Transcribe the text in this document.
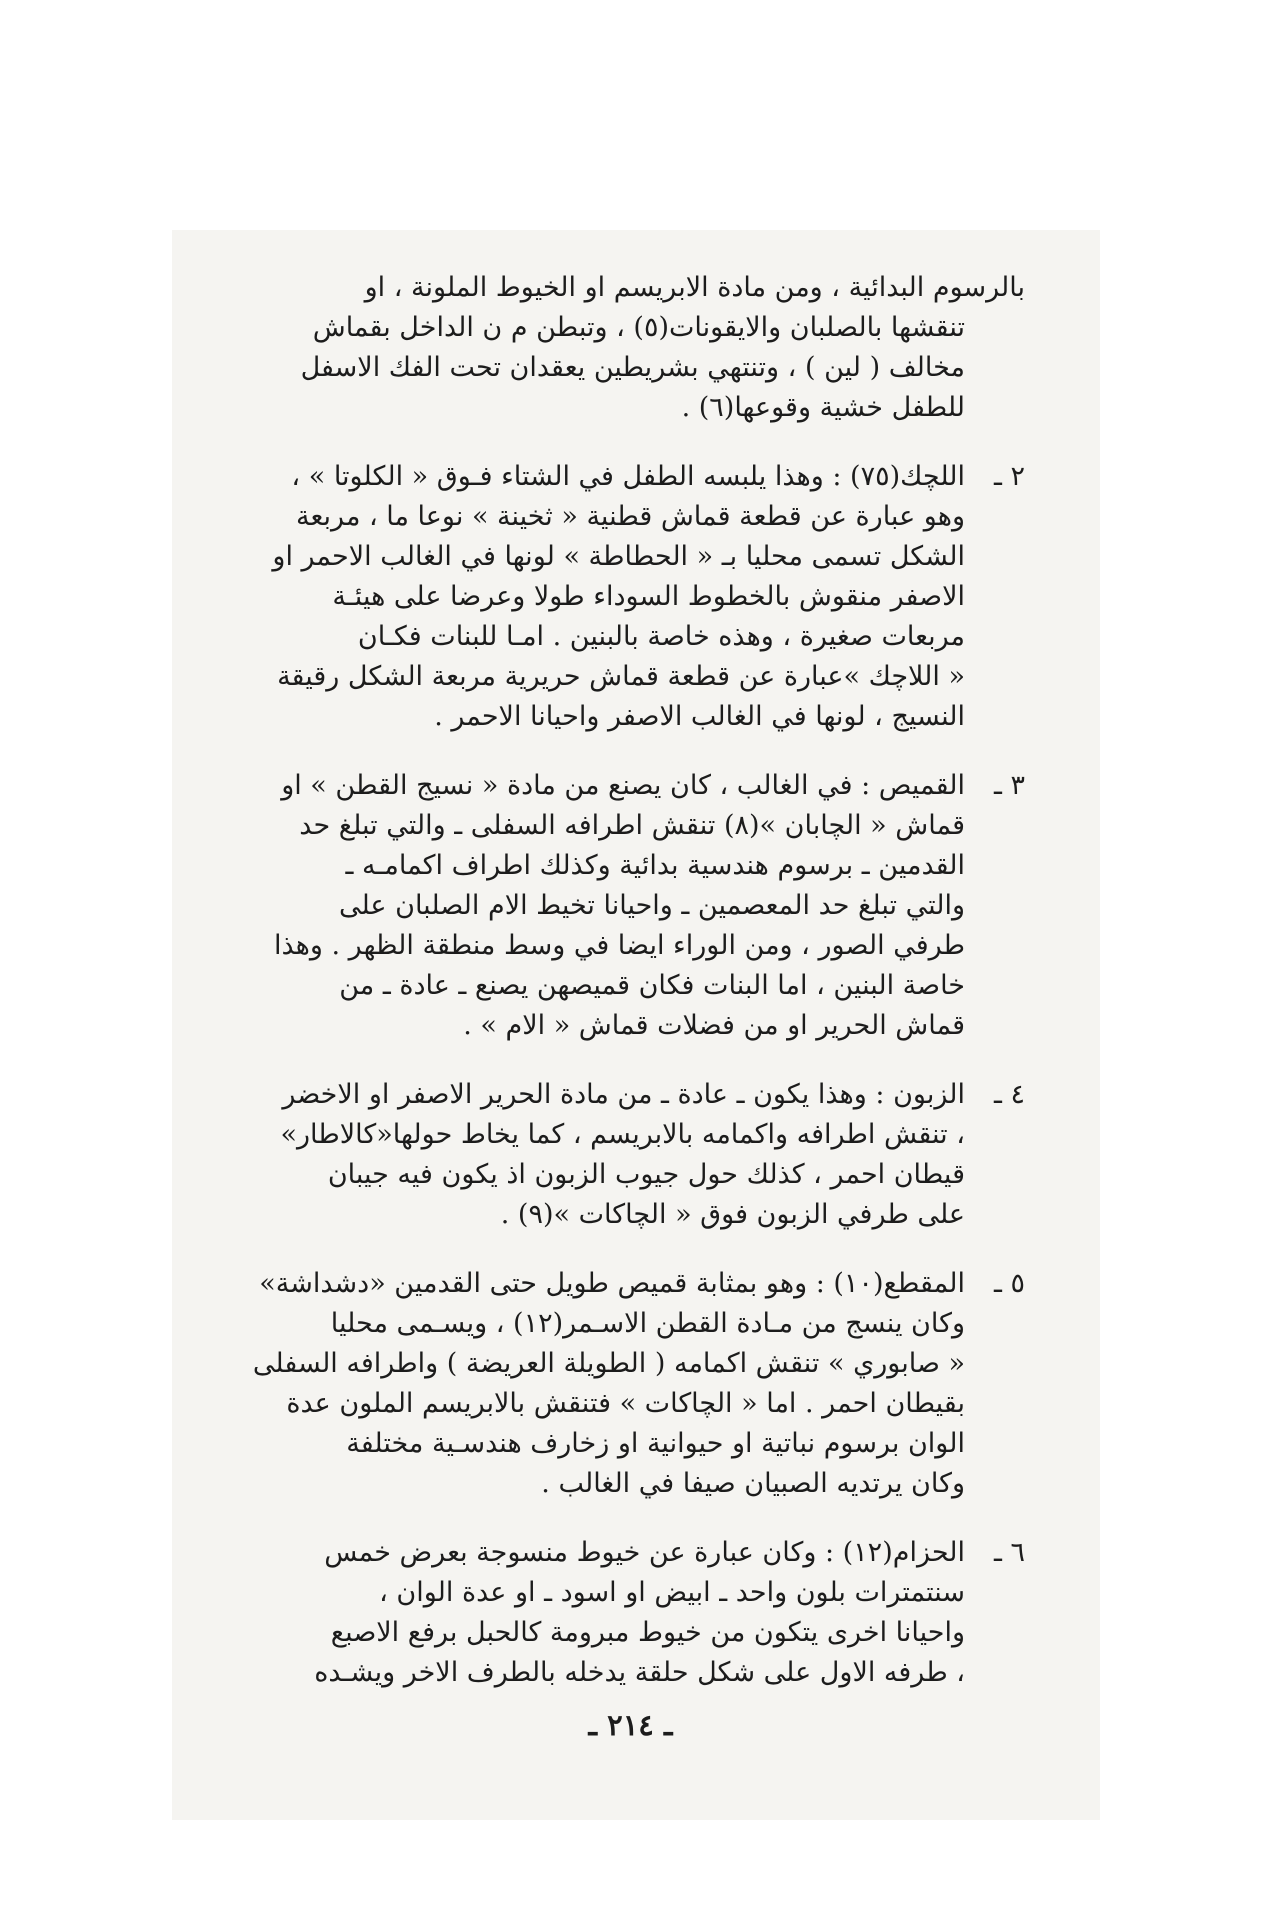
بالرسوم البدائية ، ومن مادة الابريسم او الخيوط الملونة ، او
تنقشها بالصلبان والايقونات(٥) ، وتبطن م ن الداخل بقماش
مخالف ( لين ) ، وتنتهي بشريطين يعقدان تحت الفك الاسفل
للطفل خشية وقوعها(٦) .
٢ ـ
اللچك(٧٥) : وهذا يلبسه الطفل في الشتاء فـوق « الكلوتا » ،
وهو عبارة عن قطعة قماش قطنية « ثخينة » نوعا ما ، مربعة
الشكل تسمى محليا بـ « الحطاطة » لونها في الغالب الاحمر او
الاصفر منقوش بالخطوط السوداء طولا وعرضا على هيئـة
مربعات صغيرة ، وهذه خاصة بالبنين . امـا للبنات فكـان
« اللاچك »عبارة عن قطعة قماش حريرية مربعة الشكل رقيقة
النسيج ، لونها في الغالب الاصفر واحيانا الاحمر .
٣ ـ
القميص : في الغالب ، كان يصنع من مادة « نسيج القطن » او
قماش « الچابان »(٨) تنقش اطرافه السفلى ـ والتي تبلغ حد
القدمين ـ برسوم هندسية بدائية وكذلك اطراف اكمامـه ـ
والتي تبلغ حد المعصمين ـ واحيانا تخيط الام الصلبان على
طرفي الصور ، ومن الوراء ايضا في وسط منطقة الظهر . وهذا
خاصة البنين ، اما البنات فكان قميصهن يصنع ـ عادة ـ من
قماش الحرير او من فضلات قماش « الام » .
٤ ـ
الزبون : وهذا يكون ـ عادة ـ من مادة الحرير الاصفر او الاخضر
، تنقش اطرافه واكمامه بالابريسم ، كما يخاط حولها«كالاطار»
قيطان احمر ، كذلك حول جيوب الزبون اذ يكون فيه جيبان
على طرفي الزبون فوق « الچاكات »(٩) .
٥ ـ
المقطع(١٠) : وهو بمثابة قميص طويل حتى القدمين «دشداشة»
وكان ينسج من مـادة القطن الاسـمر(١٢) ، ويسـمى محليا
« صابوري » تنقش اكمامه ( الطويلة العريضة ) واطرافه السفلى
بقيطان احمر . اما « الچاكات » فتنقش بالابريسم الملون عدة
الوان برسوم نباتية او حيوانية او زخارف هندسـية مختلفة
وكان يرتديه الصبيان صيفا في الغالب .
٦ ـ
الحزام(١٢) : وكان عبارة عن خيوط منسوجة بعرض خمس
سنتمترات بلون واحد ـ ابيض او اسود ـ او عدة الوان ،
واحيانا اخرى يتكون من خيوط مبرومة كالحبل برفع الاصبع
، طرفه الاول على شكل حلقة يدخله بالطرف الاخر ويشـده
ـ ٢١٤ ـ
